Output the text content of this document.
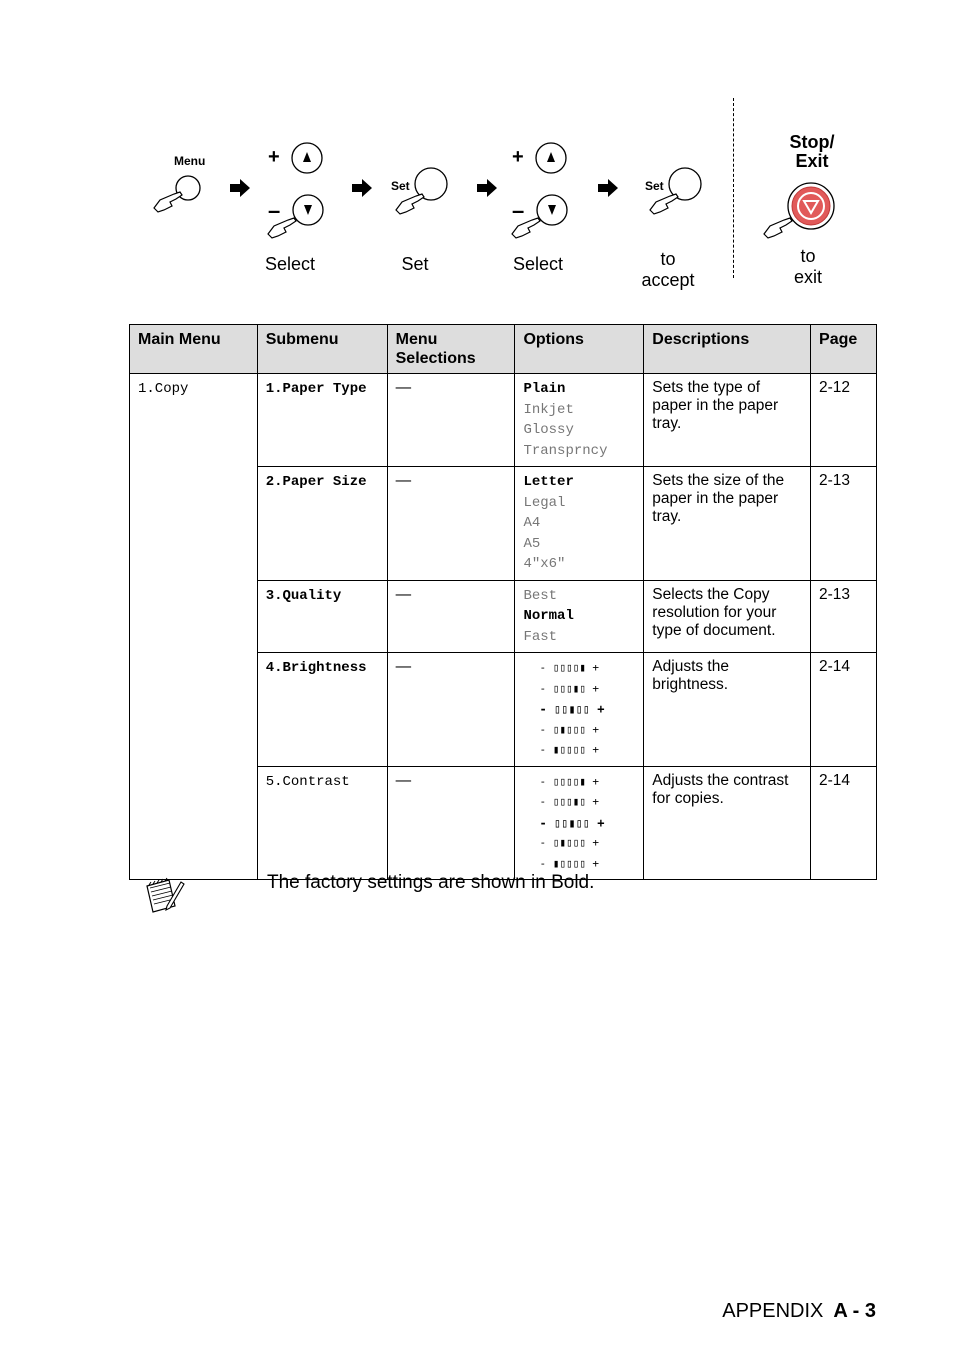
Menu	+
–
Select
Set
Set
+
–
Select
Set
to
accept
Stop/
Exit
to
exit
Main Menu	Submenu	Menu Selections	Options	Descriptions	Page
1.Copy	1.Paper Type	—	Plain
Inkjet
Glossy
Transprncy	Sets the type of paper in the paper tray.	2-12
	2.Paper Size	—	Letter
Legal
A4
A5
4"x6"	Sets the size of the paper in the paper tray.	2-13
	3.Quality	—	Best
Normal
Fast	Selects the Copy resolution for your type of document.	2-13
	4.Brightness	—	- ▯▯▯▯▮ +
- ▯▯▯▮▯ +
- ▯▯▮▯▯ +
- ▯▮▯▯▯ +
- ▮▯▯▯▯ +	Adjusts the brightness.	2-14
	5.Contrast	—	- ▯▯▯▯▮ +
- ▯▯▯▮▯ +
- ▯▯▮▯▯ +
- ▯▮▯▯▯ +
- ▮▯▯▯▯ +	Adjusts the contrast for copies.	2-14
The factory settings are shown in Bold.
APPENDIX A - 3
